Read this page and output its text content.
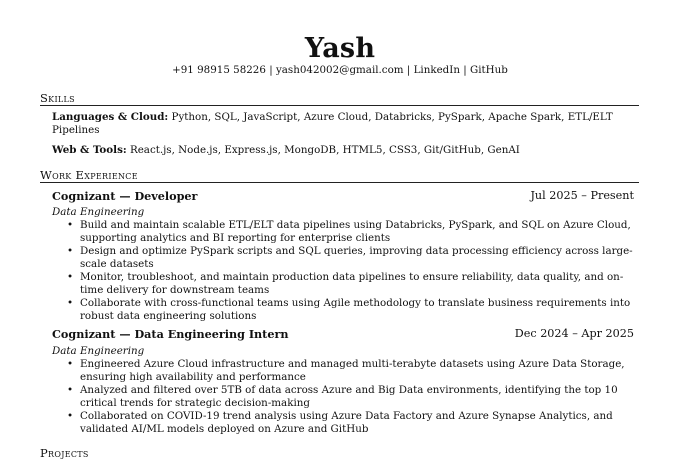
Yash
+91 98915 58226 | yash042002@gmail.com | LinkedIn | GitHub
Skills
Languages & Cloud: Python, SQL, JavaScript, Azure Cloud, Databricks, PySpark, Apache Spark, ETL/ELT Pipelines
Web & Tools: React.js, Node.js, Express.js, MongoDB, HTML5, CSS3, Git/GitHub, GenAI
Work Experience
Cognizant — Developer	Jul 2025 – Present
Data Engineering
• Build and maintain scalable ETL/ELT data pipelines using Databricks, PySpark, and SQL on Azure Cloud, supporting analytics and BI reporting for enterprise clients
• Design and optimize PySpark scripts and SQL queries, improving data processing efficiency across large-scale datasets
• Monitor, troubleshoot, and maintain production data pipelines to ensure reliability, data quality, and on-time delivery for downstream teams
• Collaborate with cross-functional teams using Agile methodology to translate business requirements into robust data engineering solutions
Cognizant — Data Engineering Intern	Dec 2024 – Apr 2025
Data Engineering
• Engineered Azure Cloud infrastructure and managed multi-terabyte datasets using Azure Data Storage, ensuring high availability and performance
• Analyzed and filtered over 5TB of data across Azure and Big Data environments, identifying the top 10 critical trends for strategic decision-making
• Collaborated on COVID-19 trend analysis using Azure Data Factory and Azure Synapse Analytics, and validated AI/ML models deployed on Azure and GitHub
Projects
